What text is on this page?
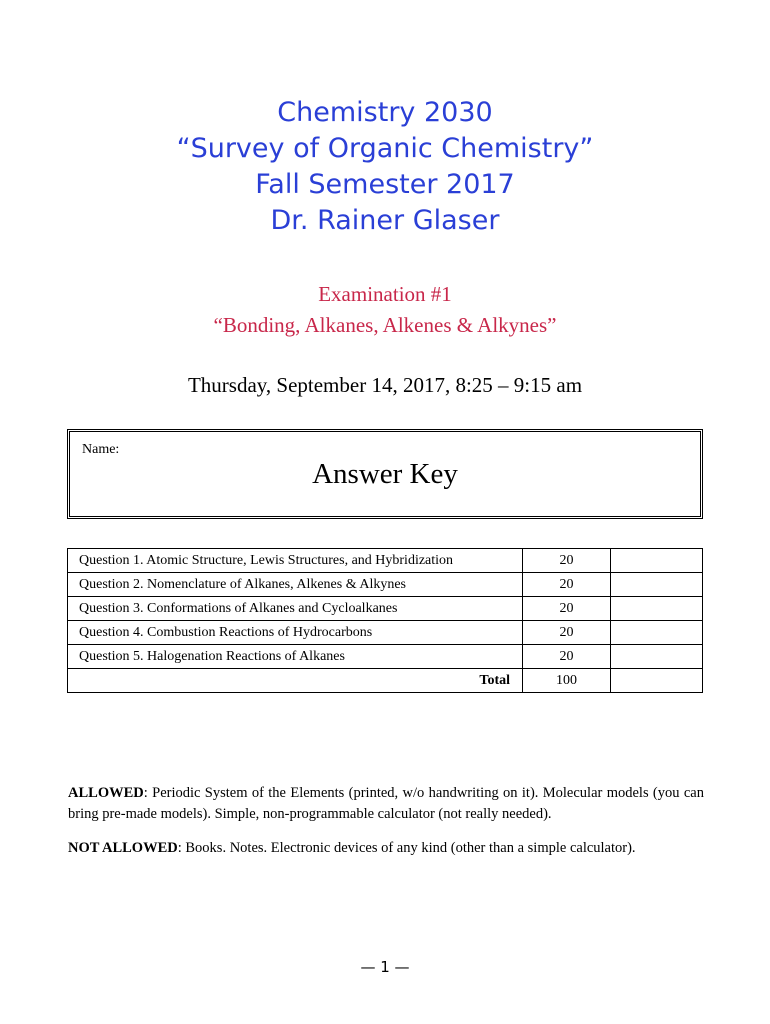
Chemistry 2030

“Survey of Organic Chemistry”

Fall Semester 2017

Dr. Rainer Glaser

Examination #1

“Bonding, Alkanes, Alkenes & Alkynes”

Thursday, September 14, 2017, 8:25 – 9:15 am

Name:
Answer Key
Question 1. Atomic Structure, Lewis Structures, and Hybridization	20	
Question 2. Nomenclature of Alkanes, Alkenes & Alkynes	20	
Question 3. Conformations of Alkanes and Cycloalkanes	20	
Question 4. Combustion Reactions of Hydrocarbons	20	
Question 5. Halogenation Reactions of Alkanes	20	
Total	100	

ALLOWED: Periodic System of the Elements (printed, w/o handwriting on it). Molecular models (you can bring pre-made models). Simple, non-programmable calculator (not really needed).

NOT ALLOWED: Books. Notes. Electronic devices of any kind (other than a simple calculator).

— 1 —
